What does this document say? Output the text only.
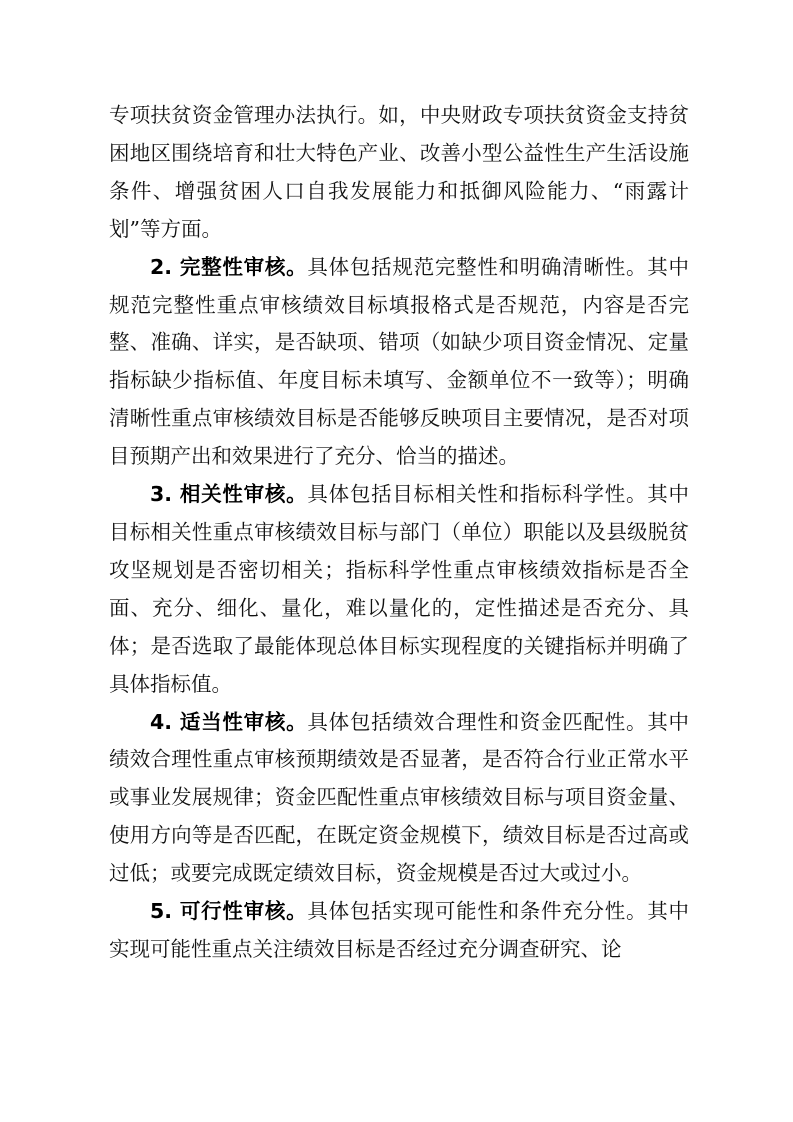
专项扶贫资金管理办法执行。如，中央财政专项扶贫资金支持贫困地区围绕培育和壮大特色产业、改善小型公益性生产生活设施条件、增强贫困人口自我发展能力和抵御风险能力、“雨露计划”等方面。

2. 完整性审核。具体包括规范完整性和明确清晰性。其中规范完整性重点审核绩效目标填报格式是否规范，内容是否完整、准确、详实，是否缺项、错项（如缺少项目资金情况、定量指标缺少指标值、年度目标未填写、金额单位不一致等）；明确清晰性重点审核绩效目标是否能够反映项目主要情况，是否对项目预期产出和效果进行了充分、恰当的描述。

3. 相关性审核。具体包括目标相关性和指标科学性。其中目标相关性重点审核绩效目标与部门（单位）职能以及县级脱贫攻坚规划是否密切相关；指标科学性重点审核绩效指标是否全面、充分、细化、量化，难以量化的，定性描述是否充分、具体；是否选取了最能体现总体目标实现程度的关键指标并明确了具体指标值。

4. 适当性审核。具体包括绩效合理性和资金匹配性。其中绩效合理性重点审核预期绩效是否显著，是否符合行业正常水平或事业发展规律；资金匹配性重点审核绩效目标与项目资金量、使用方向等是否匹配，在既定资金规模下，绩效目标是否过高或过低；或要完成既定绩效目标，资金规模是否过大或过小。

5. 可行性审核。具体包括实现可能性和条件充分性。其中实现可能性重点关注绩效目标是否经过充分调查研究、论
